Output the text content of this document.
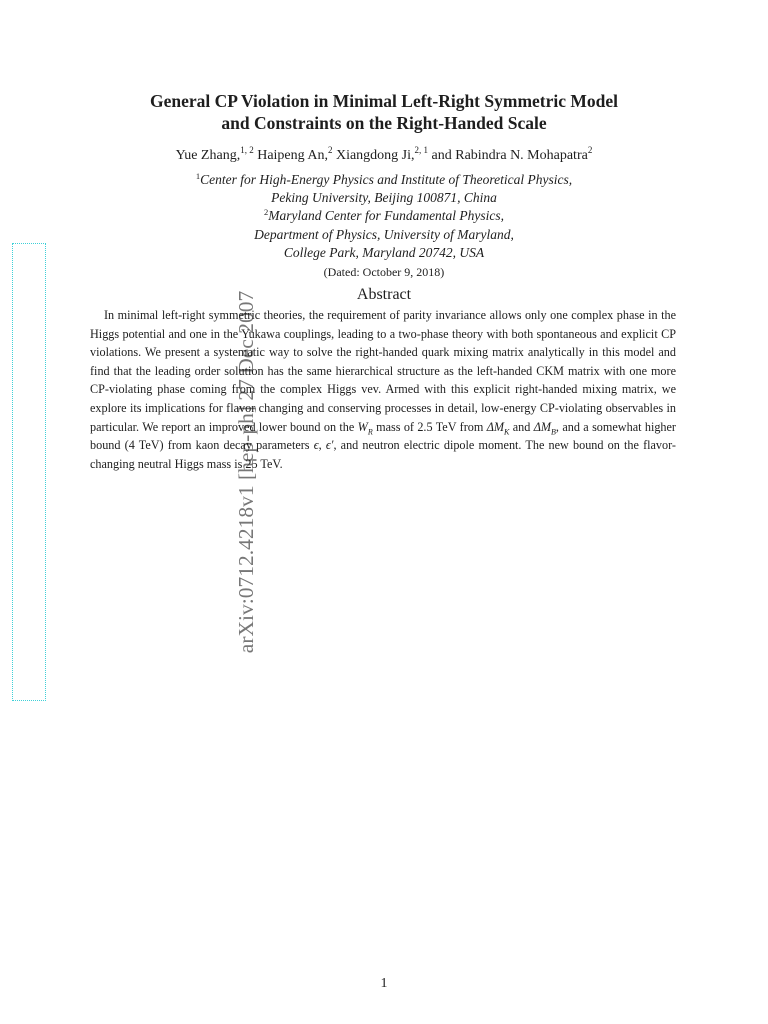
arXiv:0712.4218v1 [hep-ph] 27 Dec 2007
General CP Violation in Minimal Left-Right Symmetric Model
and Constraints on the Right-Handed Scale
Yue Zhang,$^{1, 2}$ Haipeng An,$^2$ Xiangdong Ji,$^{2, 1}$ and Rabindra N. Mohapatra$^2$
$^1$Center for High-Energy Physics and Institute of Theoretical Physics,
Peking University, Beijing 100871, China
$^2$Maryland Center for Fundamental Physics,
Department of Physics, University of Maryland,
College Park, Maryland 20742, USA
(Dated: October 9, 2018)
Abstract
In minimal left-right symmetric theories, the requirement of parity invariance allows only one complex phase in the Higgs potential and one in the Yukawa couplings, leading to a two-phase theory with both spontaneous and explicit CP violations. We present a systematic way to solve the right-handed quark mixing matrix analytically in this model and find that the leading order solution has the same hierarchical structure as the left-handed CKM matrix with one more CP-violating phase coming from the complex Higgs vev. Armed with this explicit right-handed mixing matrix, we explore its implications for flavor changing and conserving processes in detail, low-energy CP-violating observables in particular. We report an improved lower bound on the $W_R$ mass of 2.5 TeV from $\Delta M_K$ and $\Delta M_B$, and a somewhat higher bound (4 TeV) from kaon decay parameters ϵ, ϵ′, and neutron electric dipole moment. The new bound on the flavor-changing neutral Higgs mass is 25 TeV.
1
